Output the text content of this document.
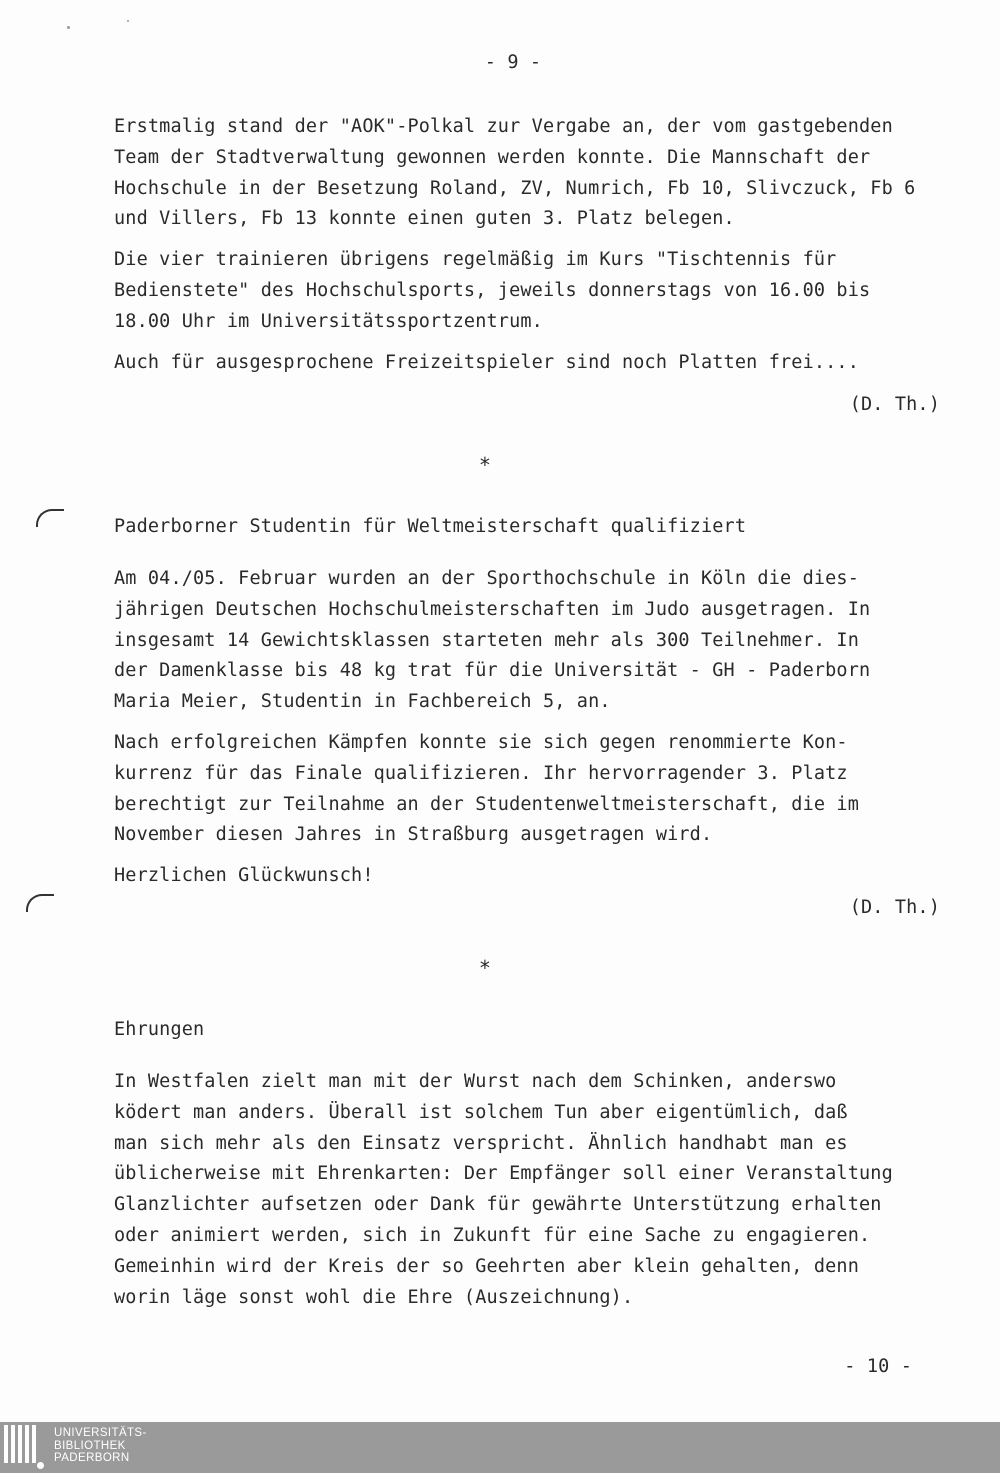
- 9 -

Erstmalig stand der "AOK"-Polkal zur Vergabe an, der vom gastgebenden
Team der Stadtverwaltung gewonnen werden konnte. Die Mannschaft der
Hochschule in der Besetzung Roland, ZV, Numrich, Fb 10, Slivczuck, Fb 6
und Villers, Fb 13 konnte einen guten 3. Platz belegen.

Die vier trainieren übrigens regelmäßig im Kurs "Tischtennis für
Bedienstete" des Hochschulsports, jeweils donnerstags von 16.00 bis
18.00 Uhr im Universitätssportzentrum.

Auch für ausgesprochene Freizeitspieler sind noch Platten frei....

(D. Th.)

*

Paderborner Studentin für Weltmeisterschaft qualifiziert

Am 04./05. Februar wurden an der Sporthochschule in Köln die dies-
jährigen Deutschen Hochschulmeisterschaften im Judo ausgetragen. In
insgesamt 14 Gewichtsklassen starteten mehr als 300 Teilnehmer. In
der Damenklasse bis 48 kg trat für die Universität - GH - Paderborn
Maria Meier, Studentin in Fachbereich 5, an.

Nach erfolgreichen Kämpfen konnte sie sich gegen renommierte Kon-
kurrenz für das Finale qualifizieren. Ihr hervorragender 3. Platz
berechtigt zur Teilnahme an der Studentenweltmeisterschaft, die im
November diesen Jahres in Straßburg ausgetragen wird.

Herzlichen Glückwunsch!

(D. Th.)

*

Ehrungen

In Westfalen zielt man mit der Wurst nach dem Schinken, anderswo
ködert man anders. Überall ist solchem Tun aber eigentümlich, daß
man sich mehr als den Einsatz verspricht. Ähnlich handhabt man es
üblicherweise mit Ehrenkarten: Der Empfänger soll einer Veranstaltung
Glanzlichter aufsetzen oder Dank für gewährte Unterstützung erhalten
oder animiert werden, sich in Zukunft für eine Sache zu engagieren.
Gemeinhin wird der Kreis der so Geehrten aber klein gehalten, denn
worin läge sonst wohl die Ehre (Auszeichnung).

- 10 -

UNIVERSITÄTS-
BIBLIOTHEK
PADERBORN
